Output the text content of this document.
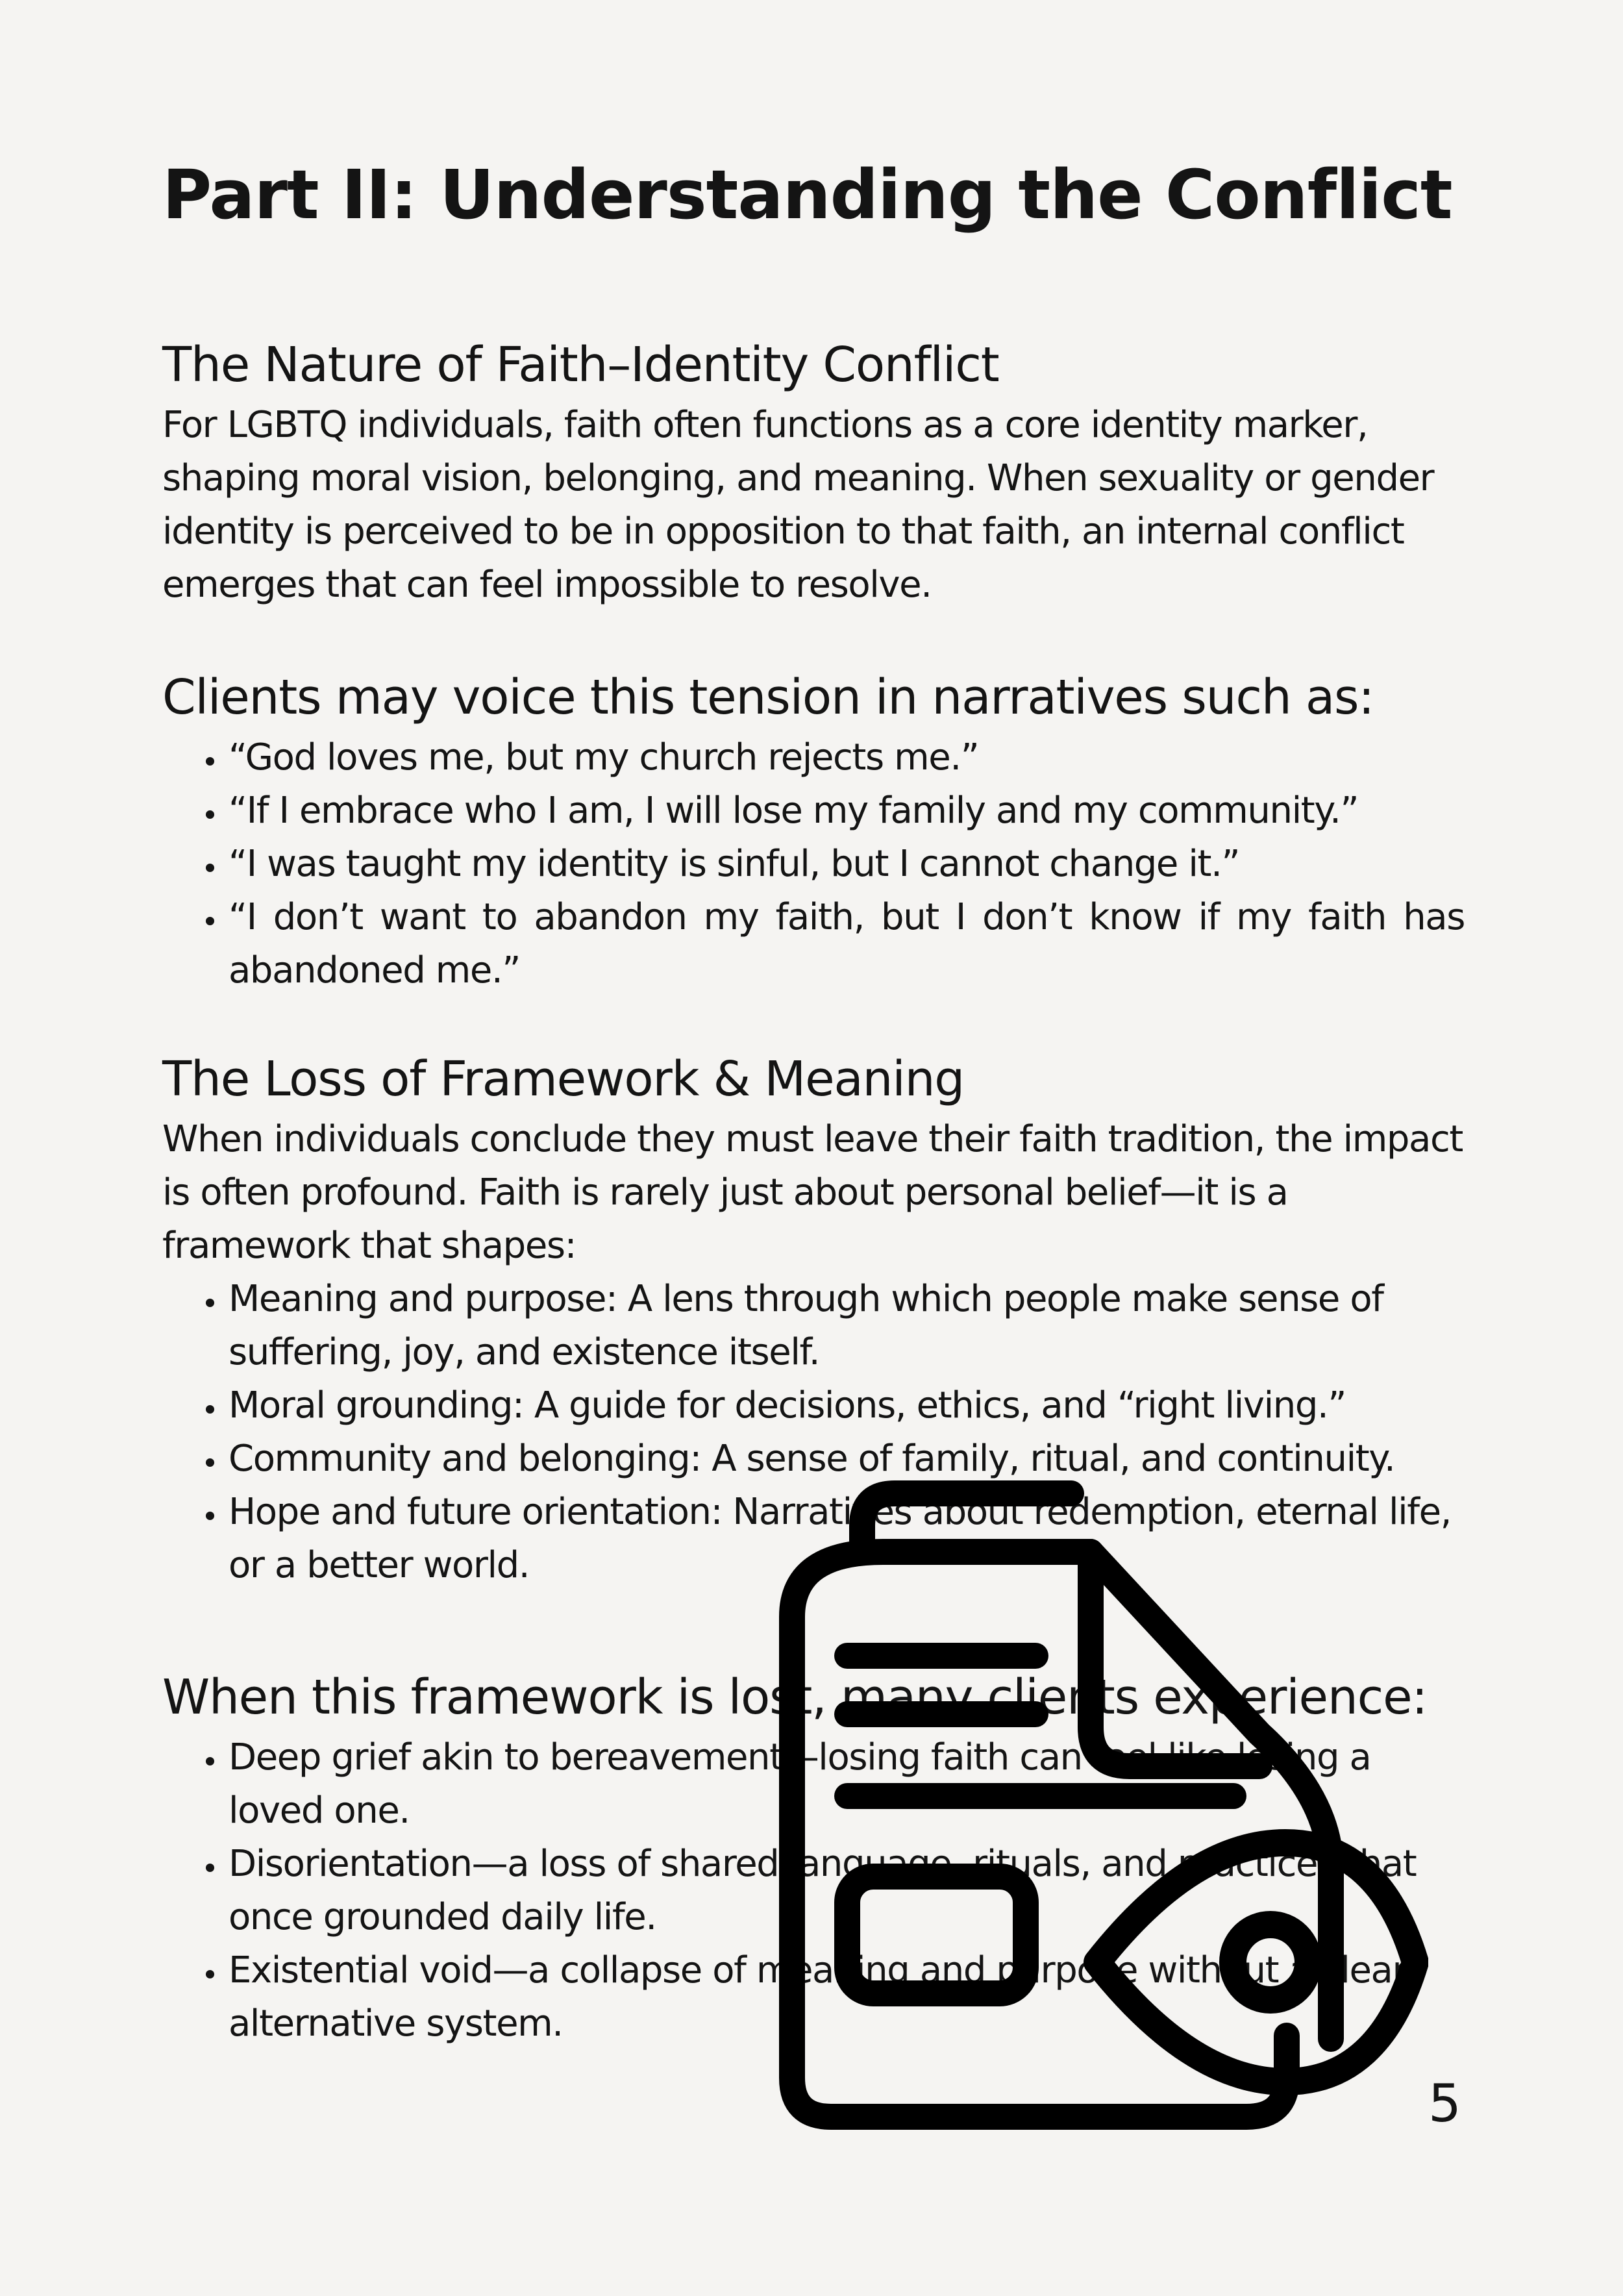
Part II: Understanding the Conflict
The Nature of Faith–Identity Conflict

For LGBTQ individuals, faith often functions as a core identity marker, shaping moral vision, belonging, and meaning. When sexuality or gender identity is perceived to be in opposition to that faith, an internal conflict emerges that can feel impossible to resolve.

Clients may voice this tension in narratives such as:
• “God loves me, but my church rejects me.”
• “If I embrace who I am, I will lose my family and my community.”
• “I was taught my identity is sinful, but I cannot change it.”
• “I don’t want to abandon my faith, but I don’t know if my faith has abandoned me.”
The Loss of Framework & Meaning

When individuals conclude they must leave their faith tradition, the impact is often profound. Faith is rarely just about personal belief—it is a framework that shapes:

• Meaning and purpose: A lens through which people make sense of suffering, joy, and existence itself.
• Moral grounding: A guide for decisions, ethics, and “right living.”
• Community and belonging: A sense of family, ritual, and continuity.
• Hope and future orientation: Narratives about redemption, eternal life, or a better world.
When this framework is lost, many clients experience:
• Deep grief akin to bereavement—losing faith can feel like losing a loved one.
• Disorientation—a loss of shared language, rituals, and practices that once grounded daily life.
• Existential void—a collapse of meaning and purpose without a clear alternative system.
5
